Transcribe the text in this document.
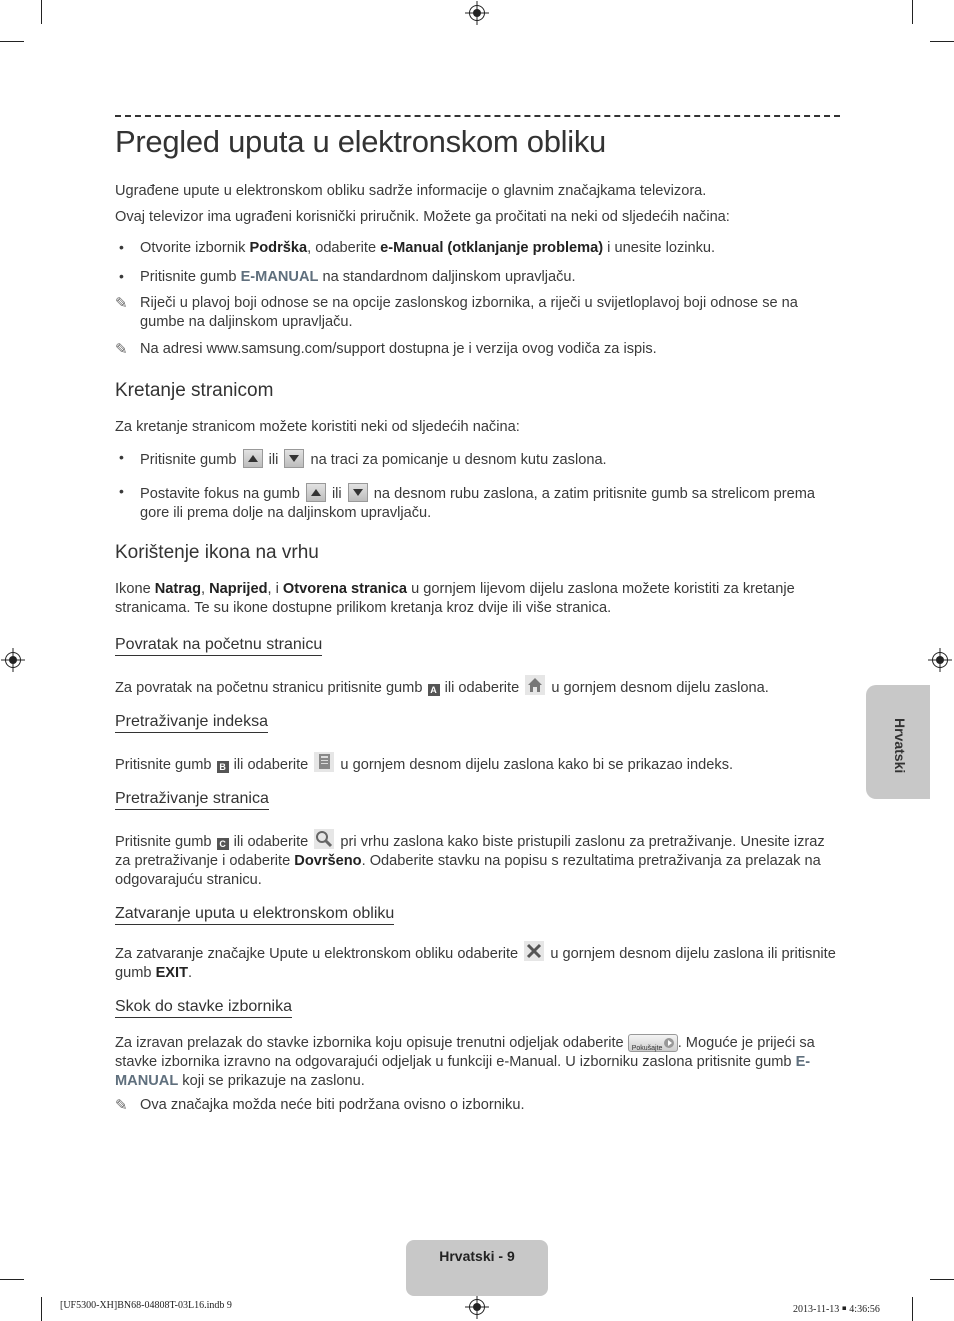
Pregled uputa u elektronskom obliku
Ugrađene upute u elektronskom obliku sadrže informacije o glavnim značajkama televizora.
Ovaj televizor ima ugrađeni korisnički priručnik. Možete ga pročitati na neki od sljedećih načina:
• Otvorite izbornik Podrška, odaberite e-Manual (otklanjanje problema) i unesite lozinku.
• Pritisnite gumb E-MANUAL na standardnom daljinskom upravljaču.
✎ Riječi u plavoj boji odnose se na opcije zaslonskog izbornika, a riječi u svijetloplavoj boji odnose se na gumbe na daljinskom upravljaču.
✎ Na adresi www.samsung.com/support dostupna je i verzija ovog vodiča za ispis.
Kretanje stranicom
Za kretanje stranicom možete koristiti neki od sljedećih načina:
• Pritisnite gumb ili na traci za pomicanje u desnom kutu zaslona.
• Postavite fokus na gumb ili na desnom rubu zaslona, a zatim pritisnite gumb sa strelicom prema gore ili prema dolje na daljinskom upravljaču.
Korištenje ikona na vrhu
Ikone Natrag, Naprijed, i Otvorena stranica u gornjem lijevom dijelu zaslona možete koristiti za kretanje stranicama. Te su ikone dostupne prilikom kretanja kroz dvije ili više stranica.
Povratak na početnu stranicu
Za povratak na početnu stranicu pritisnite gumb A ili odaberite u gornjem desnom dijelu zaslona.
Pretraživanje indeksa
Pritisnite gumb B ili odaberite u gornjem desnom dijelu zaslona kako bi se prikazao indeks.
Pretraživanje stranica
Pritisnite gumb C ili odaberite pri vrhu zaslona kako biste pristupili zaslonu za pretraživanje. Unesite izraz za pretraživanje i odaberite Dovršeno. Odaberite stavku na popisu s rezultatima pretraživanja za prelazak na odgovarajuću stranicu.
Zatvaranje uputa u elektronskom obliku
Za zatvaranje značajke Upute u elektronskom obliku odaberite u gornjem desnom dijelu zaslona ili pritisnite gumb EXIT.
Skok do stavke izbornika
Za izravan prelazak do stavke izbornika koju opisuje trenutni odjeljak odaberite Pokušajte . Moguće je prijeći sa stavke izbornika izravno na odgovarajući odjeljak u funkciji e-Manual. U izborniku zaslona pritisnite gumb E-MANUAL koji se prikazuje na zaslonu.
✎ Ova značajka možda neće biti podržana ovisno o izborniku.
Hrvatski
Hrvatski - 9
[UF5300-XH]BN68-04808T-03L16.indb 9	2013-11-13 ￭ 4:36:56
